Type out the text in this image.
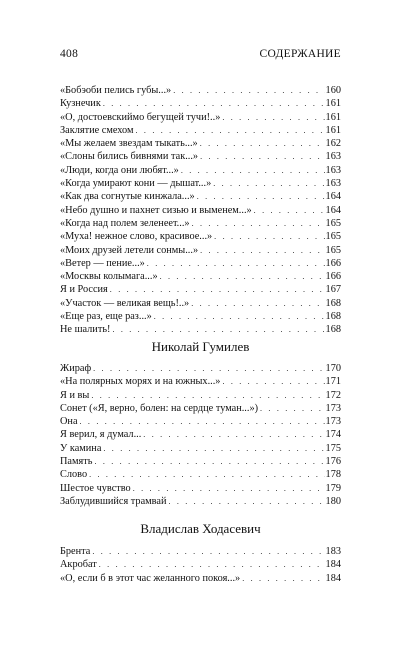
408	СОДЕРЖАНИЕ
«Бобэоби пелись губы...» . . .	160
Кузнечик . . .	161
«О, достоевскиймо бегущей тучи!..» . . .	161
Заклятие смехом . . .	161
«Мы желаем звездам тыкать...» . . .	162
«Слоны бились бивнями так...» . . .	163
«Люди, когда они любят...» . . .	163
«Когда умирают кони — дышат...» . . .	163
«Как два согнутые кинжала...» . . .	164
«Небо душно и пахнет сизью и выменем...» . . .	164
«Когда над полем зеленеет...» . . .	165
«Муха! нежное слово, красивое...» . . .	165
«Моих друзей летели сонмы...» . . .	165
«Ветер — пение...» . . .	166
«Москвы колымага...» . . .	166
Я и Россия . . .	167
«Участок — великая вещь!..» . . .	168
«Еще раз, еще раз...» . . .	168
Не шалить! . . .	168
Николай Гумилев
Жираф . . .	170
«На полярных морях и на южных...» . . .	171
Я и вы . . .	172
Сонет («Я, верно, болен: на сердце туман...») . . .	173
Она . . .	173
Я верил, я думал... . . .	174
У камина . . .	175
Память . . .	176
Слово . . .	178
Шестое чувство . . .	179
Заблудившийся трамвай . . .	180
Владислав Ходасевич
Брента . . .	183
Акробат . . .	184
«О, если б в этот час желанного покоя...» . . .	184
